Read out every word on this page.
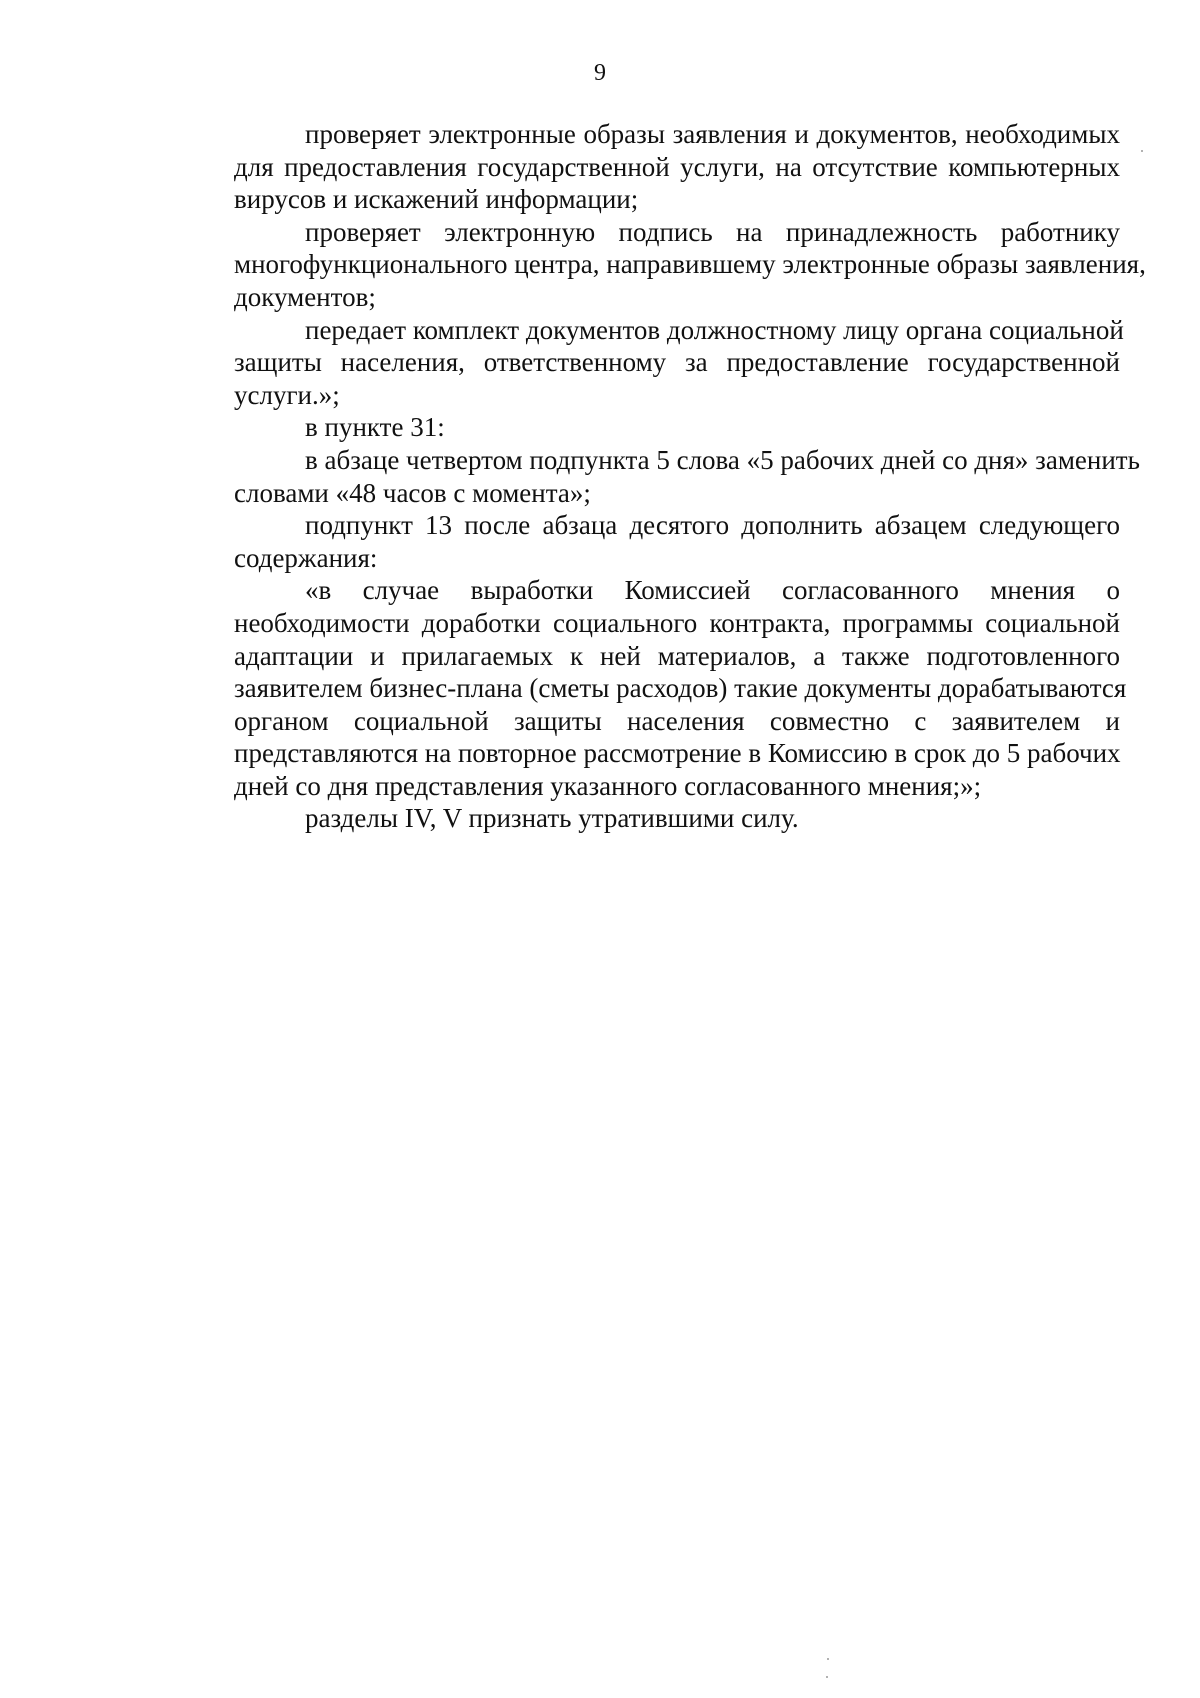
9
проверяет электронные образы заявления и документов, необходимых
для предоставления государственной услуги, на отсутствие компьютерных
вирусов и искажений информации;
проверяет электронную подпись на принадлежность работнику
многофункционального центра, направившему электронные образы заявления,
документов;
передает комплект документов должностному лицу органа социальной
защиты населения, ответственному за предоставление государственной
услуги.»;
в пункте 31:
в абзаце четвертом подпункта 5 слова «5 рабочих дней со дня» заменить
словами «48 часов с момента»;
подпункт 13 после абзаца десятого дополнить абзацем следующего
содержания:
«в случае выработки Комиссией согласованного мнения о
необходимости доработки социального контракта, программы социальной
адаптации и прилагаемых к ней материалов, а также подготовленного
заявителем бизнес-плана (сметы расходов) такие документы дорабатываются
органом социальной защиты населения совместно с заявителем и
представляются на повторное рассмотрение в Комиссию в срок до 5 рабочих
дней со дня представления указанного согласованного мнения;»;
разделы IV, V признать утратившими силу.
